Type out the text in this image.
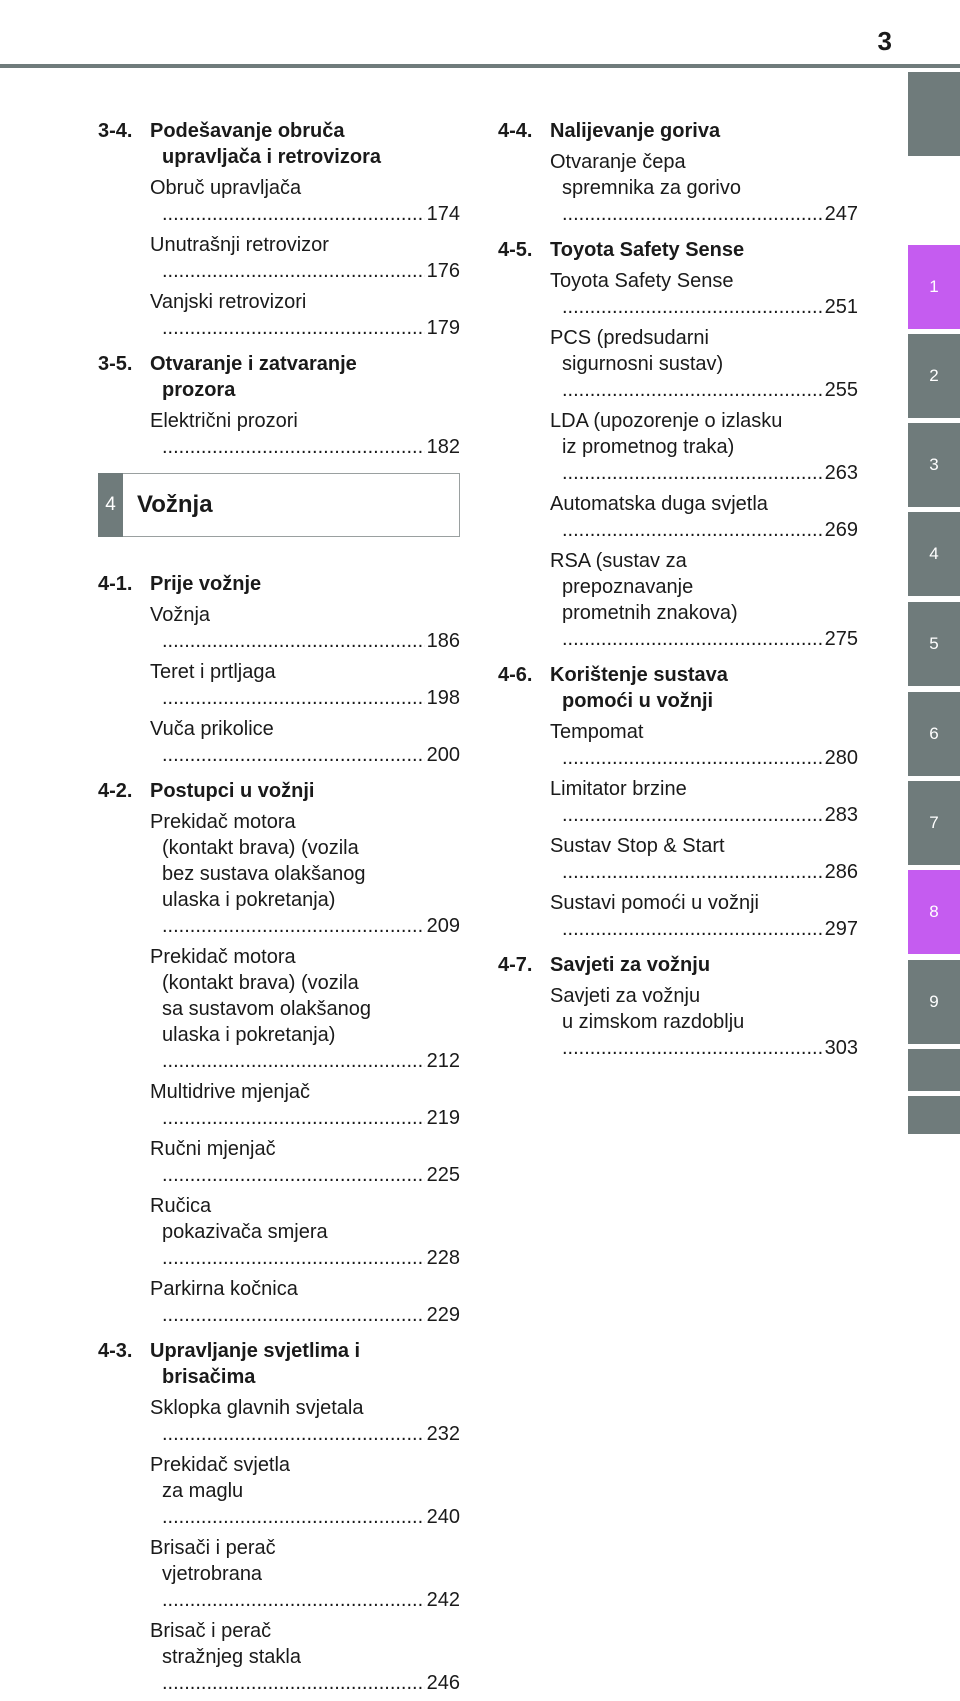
3
1
2
3
4
5
6
7
8
9
3-4. Podešavanje obruča
upravljača i retrovizora
Obruč upravljača .....
174
Unutrašnji retrovizor .....
176
Vanjski retrovizori .....
179
3-5. Otvaranje i zatvaranje
prozora
Električni prozori .....
182
4 Vožnja
4-1. Prije vožnje
Vožnja .....
186
Teret i prtljaga .....
198
Vuča prikolice .....
200
4-2. Postupci u vožnji
Prekidač motora
(kontakt brava) (vozila
bez sustava olakšanog
ulaska i pokretanja) .....
209
Prekidač motora
(kontakt brava) (vozila
sa sustavom olakšanog
ulaska i pokretanja) .....
212
Multidrive mjenjač .....
219
Ručni mjenjač .....
225
Ručica
pokazivača smjera .....
228
Parkirna kočnica .....
229
4-3. Upravljanje svjetlima i
brisačima
Sklopka glavnih svjetala .....
232
Prekidač svjetla
za maglu .....
240
Brisači i perač
vjetrobrana .....
242
Brisač i perač
stražnjeg stakla .....
246
4-4. Nalijevanje goriva
Otvaranje čepa
spremnika za gorivo .....
247
4-5. Toyota Safety Sense
Toyota Safety Sense .....
251
PCS (predsudarni
sigurnosni sustav) .....
255
LDA (upozorenje o izlasku
iz prometnog traka) .....
263
Automatska duga svjetla .....
269
RSA (sustav za
prepoznavanje
prometnih znakova) .....
275
4-6. Korištenje sustava
pomoći u vožnji
Tempomat .....
280
Limitator brzine .....
283
Sustav Stop & Start .....
286
Sustavi pomoći u vožnji .....
297
4-7. Savjeti za vožnju
Savjeti za vožnju
u zimskom razdoblju .....
303
